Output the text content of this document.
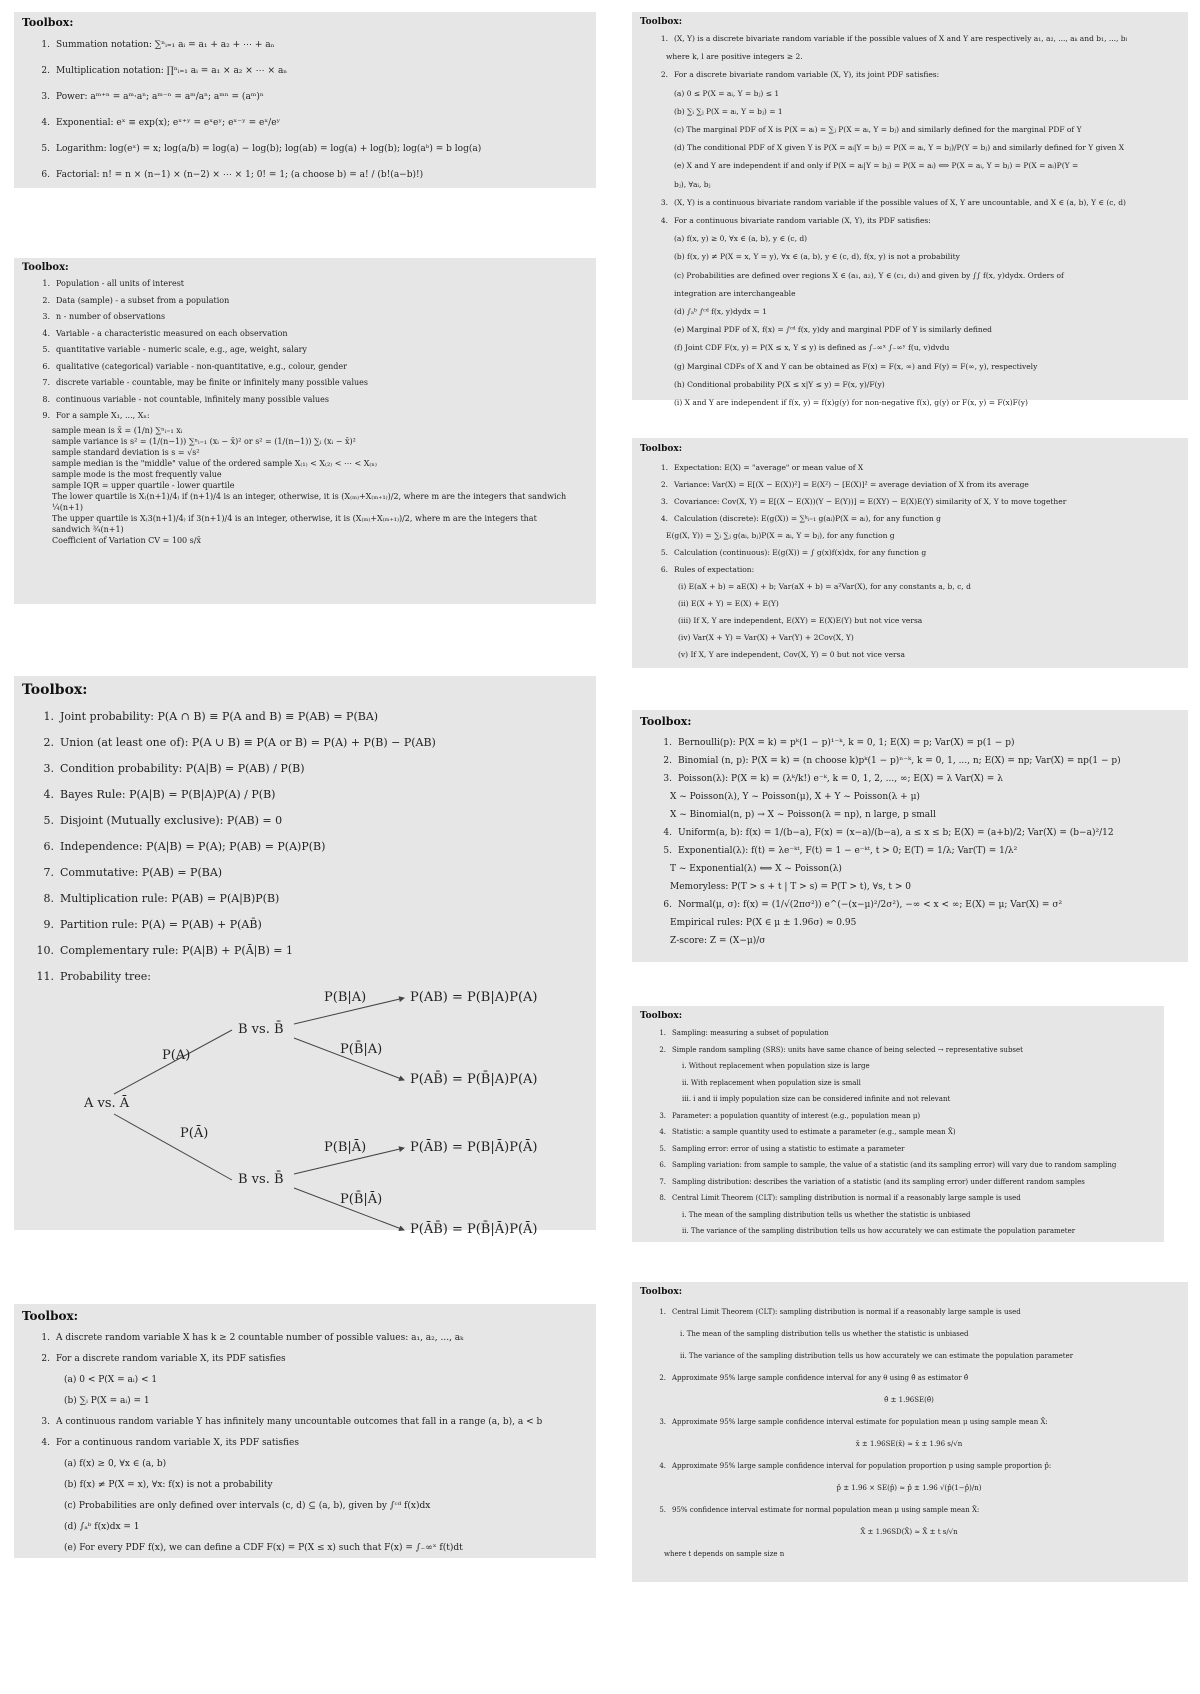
Toolbox:
1. Summation notation: ∑ⁿᵢ₌₁ aᵢ = a₁ + a₂ + ⋯ + aₙ
2. Multiplication notation: ∏ⁿᵢ₌₁ aᵢ = a₁ × a₂ × ⋯ × aₙ
3. Power: aᵐ⁺ⁿ = aᵐ·aⁿ; aᵐ⁻ⁿ = aᵐ/aⁿ; aᵐⁿ = (aᵐ)ⁿ
4. Exponential: eˣ ≡ exp(x); eˣ⁺ʸ = eˣeʸ; eˣ⁻ʸ = eˣ/eʸ
5. Logarithm: log(eˣ) = x; log(a/b) = log(a) − log(b); log(ab) = log(a) + log(b); log(aᵇ) = b log(a)
6. Factorial: n! = n × (n−1) × (n−2) × ⋯ × 1; 0! = 1; (a choose b) = a! / (b!(a−b)!)
Toolbox:
1. Population - all units of interest
2. Data (sample) - a subset from a population
3. n - number of observations
4. Variable - a characteristic measured on each observation
5. quantitative variable - numeric scale, e.g., age, weight, salary
6. qualitative (categorical) variable - non-quantitative, e.g., colour, gender
7. discrete variable - countable, may be finite or infinitely many possible values
8. continuous variable - not countable, infinitely many possible values
9. For a sample X₁, ..., Xₙ:
sample mean is x̄ = (1/n) ∑ⁿᵢ₌₁ xᵢ
sample variance is s² = (1/(n−1)) ∑ⁿᵢ₌₁ (xᵢ − x̄)² or s² = (1/(n−1)) ∑ᵢ (xᵢ − x̄)²
sample standard deviation is s = √s²
sample median is the "middle" value of the ordered sample X₍₁₎ < X₍₂₎ < ⋯ < X₍ₙ₎
sample mode is the most frequently value
sample IQR = upper quartile - lower quartile
The lower quartile is X₍(n+1)/4₎ if (n+1)/4 is an integer, otherwise, it is (X₍ₘ₎+X₍ₘ₊₁₎)/2, where m are the integers that sandwich
¼(n+1)
The upper quartile is X₍3(n+1)/4₎ if 3(n+1)/4 is an integer, otherwise, it is (X₍ₘ₎+X₍ₘ₊₁₎)/2, where m are the integers that
sandwich ¾(n+1)
Coefficient of Variation CV = 100 s/x̄
Toolbox:
1. Joint probability: P(A ∩ B) ≡ P(A and B) ≡ P(AB) = P(BA)
2. Union (at least one of): P(A ∪ B) ≡ P(A or B) = P(A) + P(B) − P(AB)
3. Condition probability: P(A|B) = P(AB) / P(B)
4. Bayes Rule: P(A|B) = P(B|A)P(A) / P(B)
5. Disjoint (Mutually exclusive): P(AB) = 0
6. Independence: P(A|B) = P(A); P(AB) = P(A)P(B)
7. Commutative: P(AB) = P(BA)
8. Multiplication rule: P(AB) = P(A|B)P(B)
9. Partition rule: P(A) = P(AB) + P(AB̄)
10. Complementary rule: P(A|B) + P(Ā|B) = 1
11. Probability tree:
A vs. Ā
B vs. B̄
B vs. B̄
P(A)
P(Ā)
P(B|A)
P(B̄|A)
P(B|Ā)
P(B̄|Ā)
P(AB) = P(B|A)P(A)
P(AB̄) = P(B̄|A)P(A)
P(ĀB) = P(B|Ā)P(Ā)
P(ĀB̄) = P(B̄|Ā)P(Ā)
Toolbox:
1. A discrete random variable X has k ≥ 2 countable number of possible values: a₁, a₂, ..., aₖ
2. For a discrete random variable X, its PDF satisfies
(a) 0 < P(X = aᵢ) < 1
(b) ∑ᵢ P(X = aᵢ) = 1
3. A continuous random variable Y has infinitely many uncountable outcomes that fall in a range (a, b), a < b
4. For a continuous random variable X, its PDF satisfies
(a) f(x) ≥ 0, ∀x ∈ (a, b)
(b) f(x) ≠ P(X = x), ∀x: f(x) is not a probability
(c) Probabilities are only defined over intervals (c, d) ⊆ (a, b), given by ∫ᶜᵈ f(x)dx
(d) ∫ₐᵇ f(x)dx = 1
(e) For every PDF f(x), we can define a CDF F(x) = P(X ≤ x) such that F(x) = ∫₋∞ˣ f(t)dt
Toolbox:
1. (X, Y) is a discrete bivariate random variable if the possible values of X and Y are respectively a₁, a₂, ..., aₖ and b₁, ..., bₗ
where k, l are positive integers ≥ 2.
2. For a discrete bivariate random variable (X, Y), its joint PDF satisfies:
(a) 0 ≤ P(X = aᵢ, Y = bⱼ) ≤ 1
(b) ∑ᵢ ∑ⱼ P(X = aᵢ, Y = bⱼ) = 1
(c) The marginal PDF of X is P(X = aᵢ) = ∑ⱼ P(X = aᵢ, Y = bⱼ) and similarly defined for the marginal PDF of Y
(d) The conditional PDF of X given Y is P(X = aᵢ|Y = bⱼ) = P(X = aᵢ, Y = bⱼ)/P(Y = bⱼ) and similarly defined for Y given X
(e) X and Y are independent if and only if P(X = aᵢ|Y = bⱼ) = P(X = aᵢ) ⟺ P(X = aᵢ, Y = bⱼ) = P(X = aᵢ)P(Y =
bⱼ), ∀aᵢ, bⱼ
3. (X, Y) is a continuous bivariate random variable if the possible values of X, Y are uncountable, and X ∈ (a, b), Y ∈ (c, d)
4. For a continuous bivariate random variable (X, Y), its PDF satisfies:
(a) f(x, y) ≥ 0, ∀x ∈ (a, b), y ∈ (c, d)
(b) f(x, y) ≠ P(X = x, Y = y), ∀x ∈ (a, b), y ∈ (c, d), f(x, y) is not a probability
(c) Probabilities are defined over regions X ∈ (a₁, a₂), Y ∈ (c₁, d₁) and given by ∫∫ f(x, y)dydx. Orders of
integration are interchangeable
(d) ∫ₐᵇ ∫ᶜᵈ f(x, y)dydx = 1
(e) Marginal PDF of X, f(x) = ∫ᶜᵈ f(x, y)dy and marginal PDF of Y is similarly defined
(f) Joint CDF F(x, y) = P(X ≤ x, Y ≤ y) is defined as ∫₋∞ˣ ∫₋∞ʸ f(u, v)dvdu
(g) Marginal CDFs of X and Y can be obtained as F(x) = F(x, ∞) and F(y) = F(∞, y), respectively
(h) Conditional probability P(X ≤ x|Y ≤ y) = F(x, y)/F(y)
(i) X and Y are independent if f(x, y) = f(x)g(y) for non-negative f(x), g(y) or F(x, y) = F(x)F(y)
Toolbox:
1. Expectation: E(X) = "average" or mean value of X
2. Variance: Var(X) = E[(X − E(X))²] = E(X²) − [E(X)]² = average deviation of X from its average
3. Covariance: Cov(X, Y) = E[(X − E(X))(Y − E(Y))] = E(XY) − E(X)E(Y) similarity of X, Y to move together
4. Calculation (discrete): E(g(X)) = ∑ᵏᵢ₌₁ g(aᵢ)P(X = aᵢ), for any function g
E(g(X, Y)) = ∑ᵢ ∑ⱼ g(aᵢ, bⱼ)P(X = aᵢ, Y = bⱼ), for any function g
5. Calculation (continuous): E(g(X)) = ∫ g(x)f(x)dx, for any function g
6. Rules of expectation:
(i) E(aX + b) = aE(X) + b; Var(aX + b) = a²Var(X), for any constants a, b, c, d
(ii) E(X + Y) = E(X) + E(Y)
(iii) If X, Y are independent, E(XY) = E(X)E(Y) but not vice versa
(iv) Var(X + Y) = Var(X) + Var(Y) + 2Cov(X, Y)
(v) If X, Y are independent, Cov(X, Y) = 0 but not vice versa
Toolbox:
1. Bernoulli(p): P(X = k) = pᵏ(1 − p)¹⁻ᵏ, k = 0, 1; E(X) = p; Var(X) = p(1 − p)
2. Binomial (n, p): P(X = k) = (n choose k)pᵏ(1 − p)ⁿ⁻ᵏ, k = 0, 1, ..., n; E(X) = np; Var(X) = np(1 − p)
3. Poisson(λ): P(X = k) = (λᵏ/k!) e⁻ᵏ, k = 0, 1, 2, ..., ∞; E(X) = λ Var(X) = λ
X ~ Poisson(λ), Y ~ Poisson(μ), X + Y ~ Poisson(λ + μ)
X ~ Binomial(n, p) → X ~ Poisson(λ = np), n large, p small
4. Uniform(a, b): f(x) = 1/(b−a), F(x) = (x−a)/(b−a), a ≤ x ≤ b; E(X) = (a+b)/2; Var(X) = (b−a)²/12
5. Exponential(λ): f(t) = λe⁻ᵏᵗ, F(t) = 1 − e⁻ᵏᵗ, t > 0; E(T) = 1/λ; Var(T) = 1/λ²
T ~ Exponential(λ) ⟺ X ~ Poisson(λ)
Memoryless: P(T > s + t | T > s) = P(T > t), ∀s, t > 0
6. Normal(μ, σ): f(x) = (1/√(2πσ²)) e^(−(x−μ)²/2σ²), −∞ < x < ∞; E(X) = μ; Var(X) = σ²
Empirical rules: P(X ∈ μ ± 1.96σ) ≈ 0.95
Z-score: Z = (X−μ)/σ
Toolbox:
1. Sampling: measuring a subset of population
2. Simple random sampling (SRS): units have same chance of being selected → representative subset
i. Without replacement when population size is large
ii. With replacement when population size is small
iii. i and ii imply population size can be considered infinite and not relevant
3. Parameter: a population quantity of interest (e.g., population mean μ)
4. Statistic: a sample quantity used to estimate a parameter (e.g., sample mean X̄)
5. Sampling error: error of using a statistic to estimate a parameter
6. Sampling variation: from sample to sample, the value of a statistic (and its sampling error) will vary due to random sampling
7. Sampling distribution: describes the variation of a statistic (and its sampling error) under different random samples
8. Central Limit Theorem (CLT): sampling distribution is normal if a reasonably large sample is used
i. The mean of the sampling distribution tells us whether the statistic is unbiased
ii. The variance of the sampling distribution tells us how accurately we can estimate the population parameter
Toolbox:
1. Central Limit Theorem (CLT): sampling distribution is normal if a reasonably large sample is used
i. The mean of the sampling distribution tells us whether the statistic is unbiased
ii. The variance of the sampling distribution tells us how accurately we can estimate the population parameter
2. Approximate 95% large sample confidence interval for any θ using θ̂ as estimator θ̂
θ̂ ± 1.96SE(θ̂)
3. Approximate 95% large sample confidence interval estimate for population mean μ using sample mean X̄:
x̄ ± 1.96SE(x̄) ≈ x̄ ± 1.96 s/√n
4. Approximate 95% large sample confidence interval for population proportion p using sample proportion p̂:
p̂ ± 1.96 × SE(p̂) ≈ p̂ ± 1.96 √(p̂(1−p̂)/n)
5. 95% confidence interval estimate for normal population mean μ using sample mean X̄:
X̄ ± 1.96SD(X̄) ≈ X̄ ± t s/√n
where t depends on sample size n
